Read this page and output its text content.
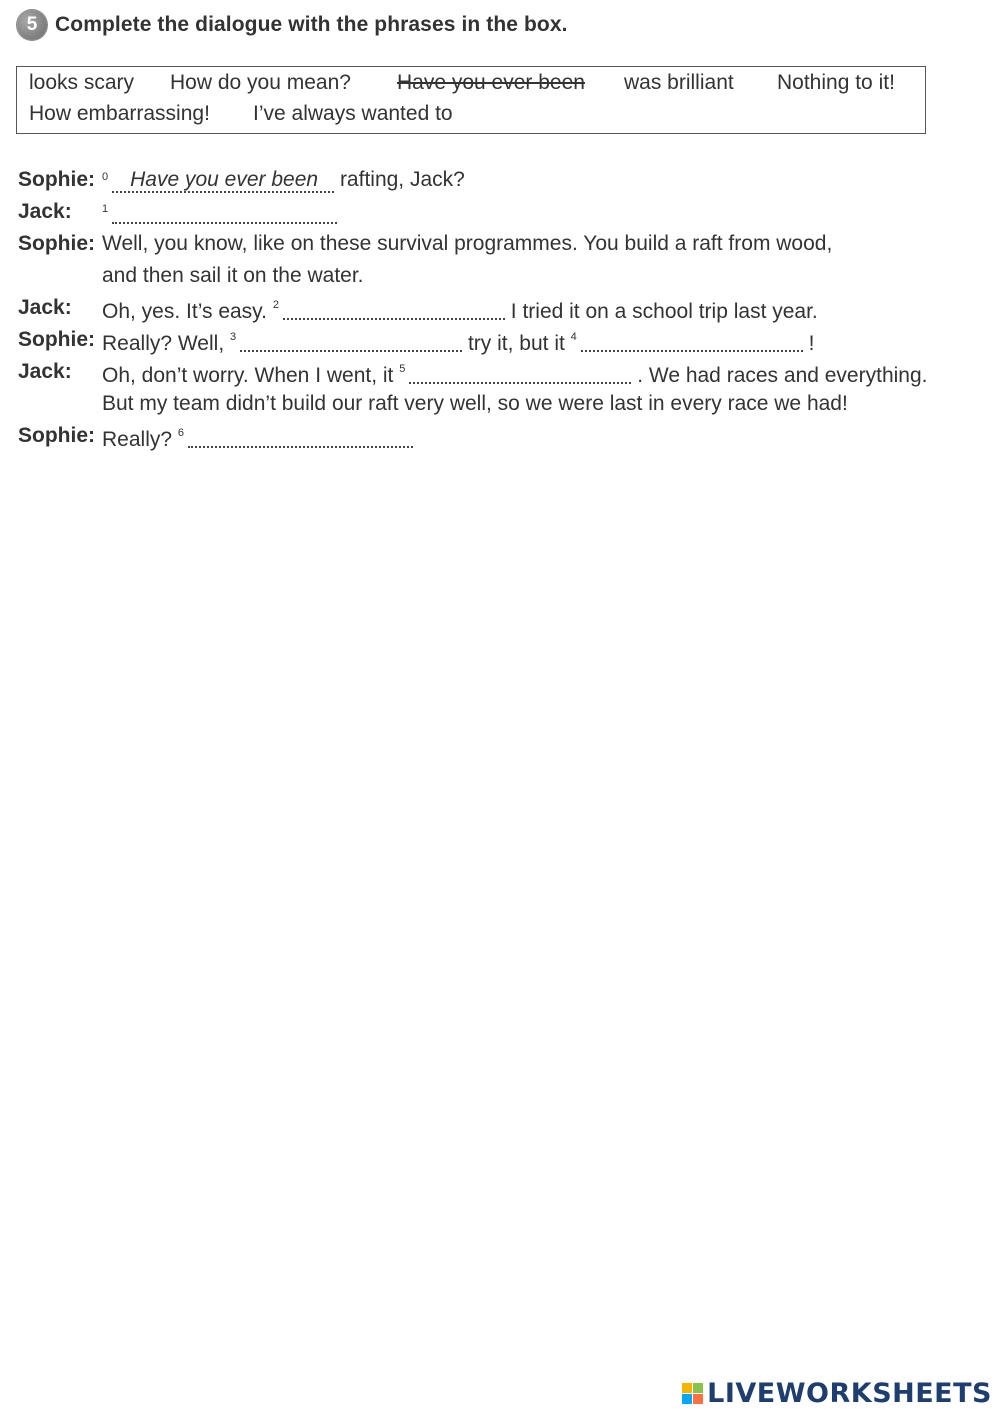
5 Complete the dialogue with the phrases in the box.
looks scary How do you mean? Have you ever been was brilliant Nothing to it!
How embarrassing! I’ve always wanted to
Sophie: $^0$ Have you ever been rafting, Jack?
Jack:	$^1$
Sophie: Well, you know, like on these survival programmes. You build a raft from wood,
and then sail it on the water.
Jack: Oh, yes. It’s easy. $^2$	I tried it on a school trip last year.
Sophie: Really? Well, $^3$	try it, but it $^4$	!
Jack: Oh, don’t worry. When I went, it $^5$	. We had races and everything.
But my team didn’t build our raft very well, so we were last in every race we had!
Sophie: Really? $^6$
LIVEWORKSHEETS
